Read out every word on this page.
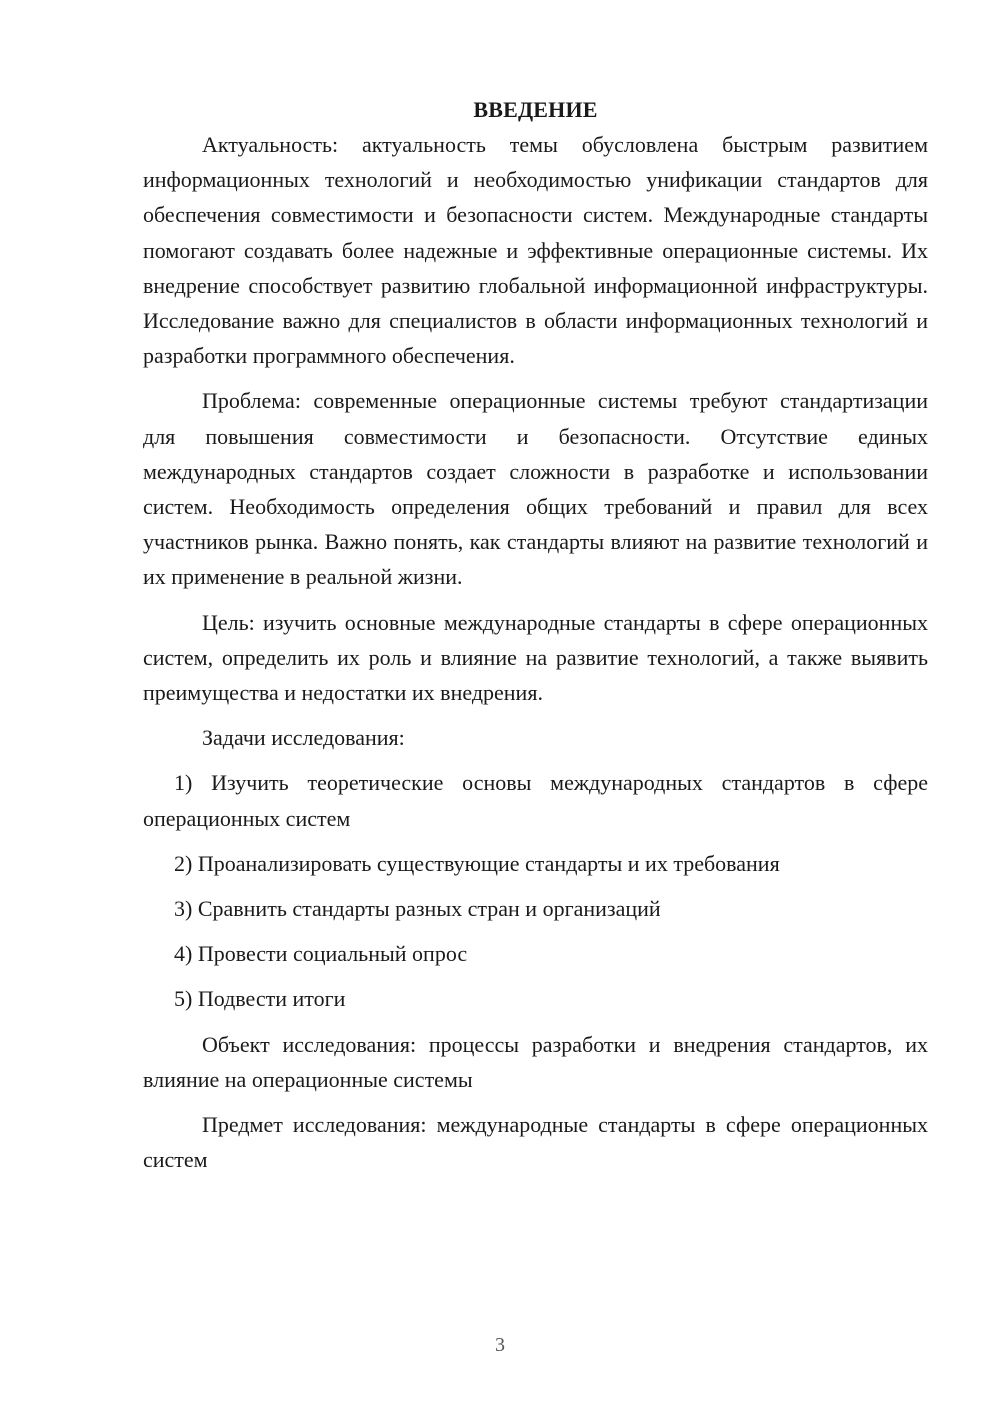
ВВЕДЕНИЕ

Актуальность: актуальность темы обусловлена быстрым развитием информационных технологий и необходимостью унификации стандартов для обеспечения совместимости и безопасности систем. Международные стандарты помогают создавать более надежные и эффективные операционные системы. Их внедрение способствует развитию глобальной информационной инфраструктуры. Исследование важно для специалистов в области информационных технологий и разработки программного обеспечения.

Проблема: современные операционные системы требуют стандартизации для повышения совместимости и безопасности. Отсутствие единых международных стандартов создает сложности в разработке и использовании систем. Необходимость определения общих требований и правил для всех участников рынка. Важно понять, как стандарты влияют на развитие технологий и их применение в реальной жизни.

Цель: изучить основные международные стандарты в сфере операционных систем, определить их роль и влияние на развитие технологий, а также выявить преимущества и недостатки их внедрения.

Задачи исследования:

1) Изучить теоретические основы международных стандартов в сфере операционных систем

2) Проанализировать существующие стандарты и их требования

3) Сравнить стандарты разных стран и организаций

4) Провести социальный опрос

5) Подвести итоги

Объект исследования: процессы разработки и внедрения стандартов, их влияние на операционные системы

Предмет исследования: международные стандарты в сфере операционных систем

3
